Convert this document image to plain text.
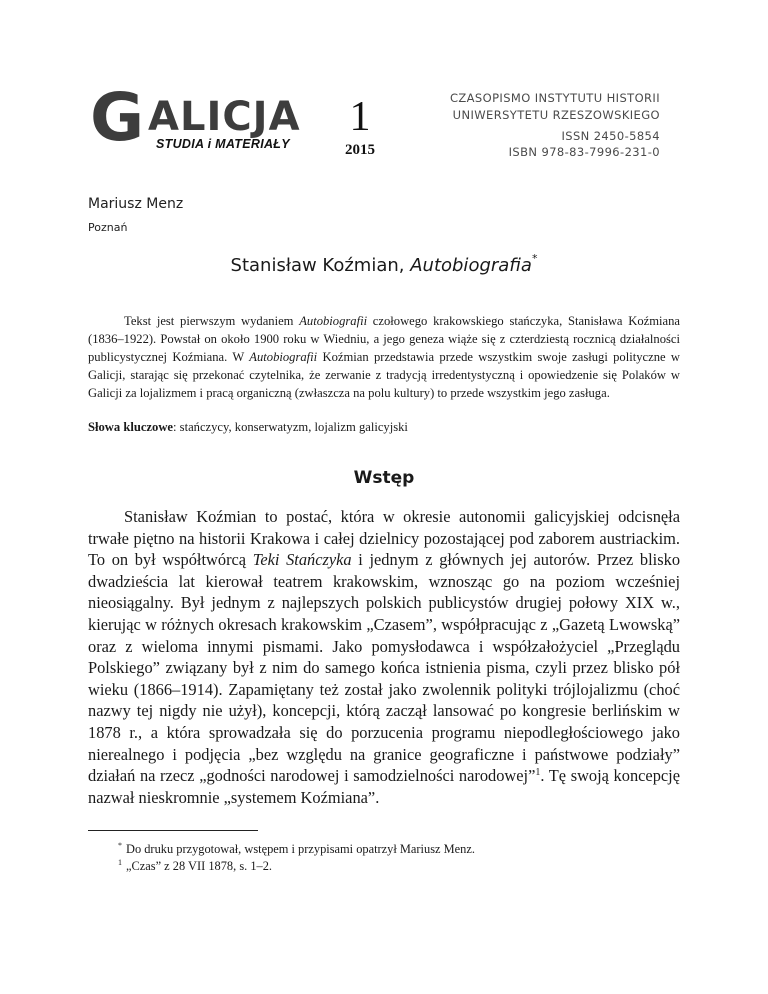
G ALICJA
STUDIA i MATERIAŁY
1
2015
CZASOPISMO INSTYTUTU HISTORII
UNIWERSYTETU RZESZOWSKIEGO
ISSN 2450-5854
ISBN 978-83-7996-231-0
Mariusz Menz
Poznań
Stanisław Koźmian, Autobiografia*
Tekst jest pierwszym wydaniem Autobiografii czołowego krakowskiego stańczyka, Stanisława Koźmiana (1836–1922). Powstał on około 1900 roku w Wiedniu, a jego geneza wiąże się z czterdziestą rocznicą działalności publicystycznej Koźmiana. W Autobiografii Koźmian przedstawia przede wszystkim swoje zasługi polityczne w Galicji, starając się przekonać czytelnika, że zerwanie z tradycją irredentystyczną i opowiedzenie się Polaków w Galicji za lojalizmem i pracą organiczną (zwłaszcza na polu kultury) to przede wszystkim jego zasługa.
Słowa kluczowe: stańczycy, konserwatyzm, lojalizm galicyjski
Wstęp
Stanisław Koźmian to postać, która w okresie autonomii galicyjskiej odcisnęła trwałe piętno na historii Krakowa i całej dzielnicy pozostającej pod zaborem austriackim. To on był współtwórcą Teki Stańczyka i jednym z głównych jej autorów. Przez blisko dwadzieścia lat kierował teatrem krakowskim, wznosząc go na poziom wcześniej nieosiągalny. Był jednym z najlepszych polskich publicystów drugiej połowy XIX w., kierując w różnych okresach krakowskim „Czasem”, współpracując z „Gazetą Lwowską” oraz z wieloma innymi pismami. Jako pomysłodawca i współzałożyciel „Przeglądu Polskiego” związany był z nim do samego końca istnienia pisma, czyli przez blisko pół wieku (1866–1914). Zapamiętany też został jako zwolennik polityki trójlojalizmu (choć nazwy tej nigdy nie użył), koncepcji, którą zaczął lansować po kongresie berlińskim w 1878 r., a która sprowadzała się do porzucenia programu niepodległościowego jako nierealnego i podjęcia „bez względu na granice geograficzne i państwowe podziały” działań na rzecz „godności narodowej i samodzielności narodowej”$^1$. Tę swoją koncepcję nazwał nieskromnie „systemem Koźmiana”.
* Do druku przygotował, wstępem i przypisami opatrzył Mariusz Menz.
$^1$ „Czas” z 28 VII 1878, s. 1–2.
